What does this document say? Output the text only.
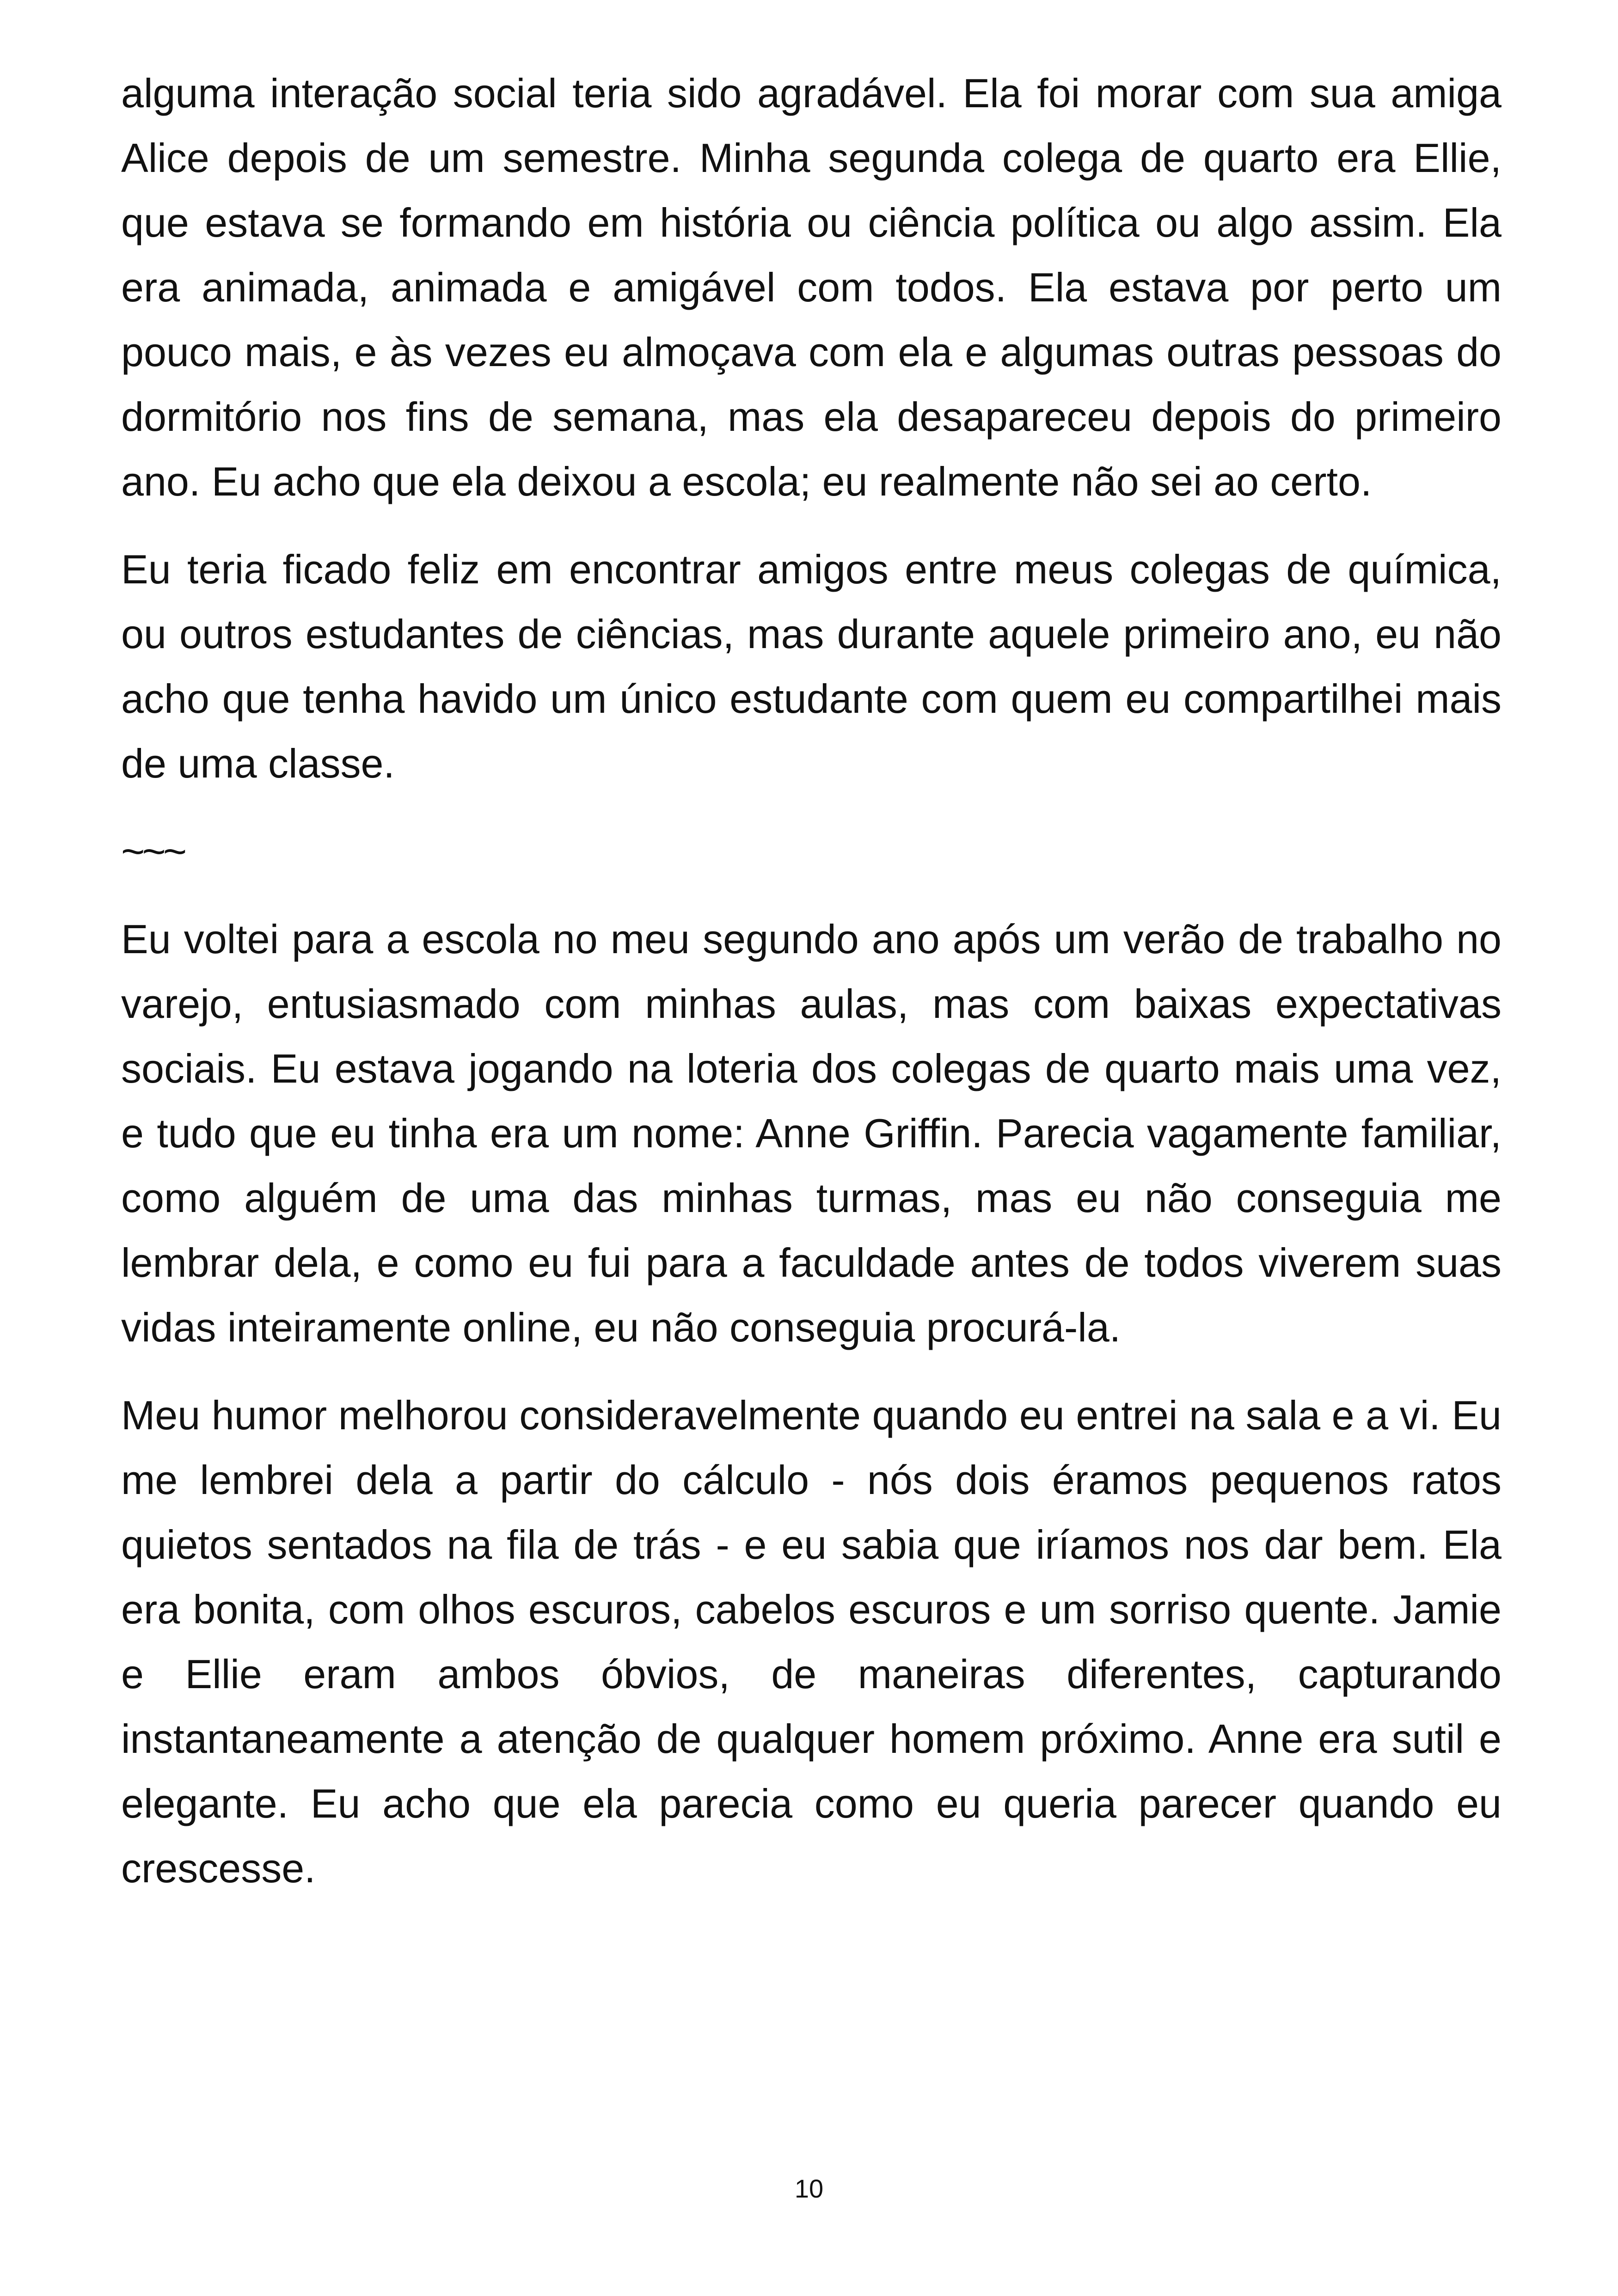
alguma interação social teria sido agradável. Ela foi morar com sua amiga Alice depois de um semestre. Minha segunda colega de quarto era Ellie, que estava se formando em história ou ciência política ou algo assim. Ela era animada, animada e amigável com todos. Ela estava por perto um pouco mais, e às vezes eu almoçava com ela e algumas outras pessoas do dormitório nos fins de semana, mas ela desapareceu depois do primeiro ano. Eu acho que ela deixou a escola; eu realmente não sei ao certo.

Eu teria ficado feliz em encontrar amigos entre meus colegas de química, ou outros estudantes de ciências, mas durante aquele primeiro ano, eu não acho que tenha havido um único estudante com quem eu compartilhei mais de uma classe.

~~~

Eu voltei para a escola no meu segundo ano após um verão de trabalho no varejo, entusiasmado com minhas aulas, mas com baixas expectativas sociais. Eu estava jogando na loteria dos colegas de quarto mais uma vez, e tudo que eu tinha era um nome: Anne Griffin. Parecia vagamente familiar, como alguém de uma das minhas turmas, mas eu não conseguia me lembrar dela, e como eu fui para a faculdade antes de todos viverem suas vidas inteiramente online, eu não conseguia procurá-la.

Meu humor melhorou consideravelmente quando eu entrei na sala e a vi. Eu me lembrei dela a partir do cálculo - nós dois éramos pequenos ratos quietos sentados na fila de trás - e eu sabia que iríamos nos dar bem. Ela era bonita, com olhos escuros, cabelos escuros e um sorriso quente. Jamie e Ellie eram ambos óbvios, de maneiras diferentes, capturando instantaneamente a atenção de qualquer homem próximo. Anne era sutil e elegante. Eu acho que ela parecia como eu queria parecer quando eu crescesse.

10
